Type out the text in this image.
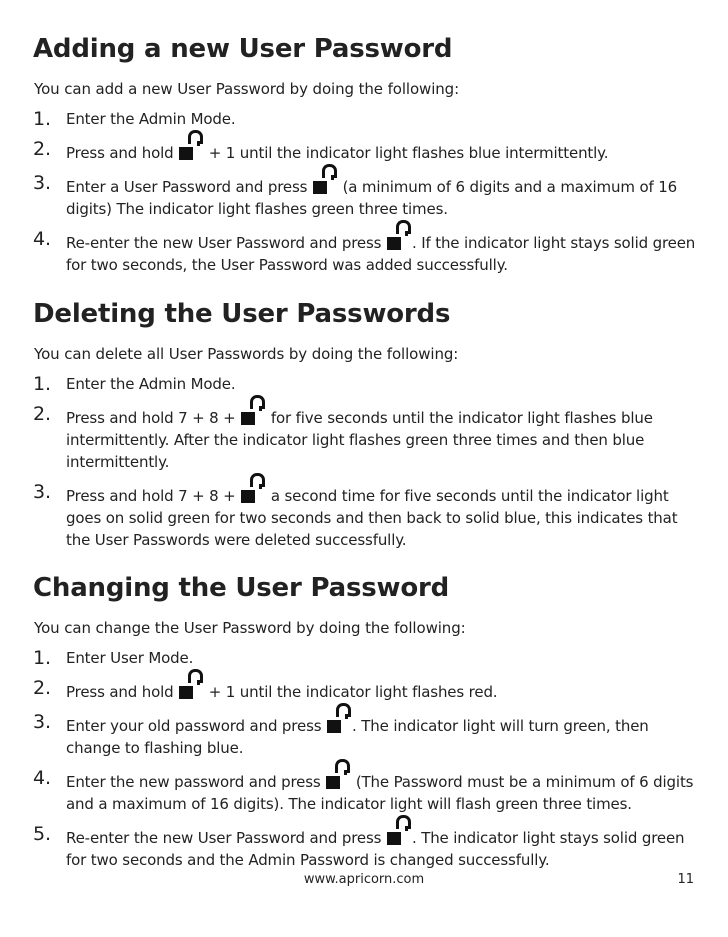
Adding a new User Password

You can add a new User Password by doing the following:

1. Enter the Admin Mode.
2. Press and hold
+ 1 until the indicator light flashes blue intermittently.
3. Enter a User Password and press
(a minimum of 6 digits and a maximum of 16 digits) The indicator light flashes green three times.
4. Re-enter the new User Password and press
. If the indicator light stays solid green for two seconds, the User Password was added successfully.
Deleting the User Passwords

You can delete all User Passwords by doing the following:

1. Enter the Admin Mode.
2. Press and hold 7 + 8 +
for five seconds until the indicator light flashes blue intermittently. After the indicator light flashes green three times and then blue intermittently.
3. Press and hold 7 + 8 +
a second time for five seconds until the indicator light goes on solid green for two seconds and then back to solid blue, this indicates that the User Passwords were deleted successfully.
Changing the User Password

You can change the User Password by doing the following:

1. Enter User Mode.
2. Press and hold
+ 1 until the indicator light flashes red.
3. Enter your old password and press
. The indicator light will turn green, then change to flashing blue.
4. Enter the new password and press
(The Password must be a minimum of 6 digits and a maximum of 16 digits). The indicator light will flash green three times.
5. Re-enter the new User Password and press
. The indicator light stays solid green for two seconds and the Admin Password is changed successfully.
www.apricorn.com	11
